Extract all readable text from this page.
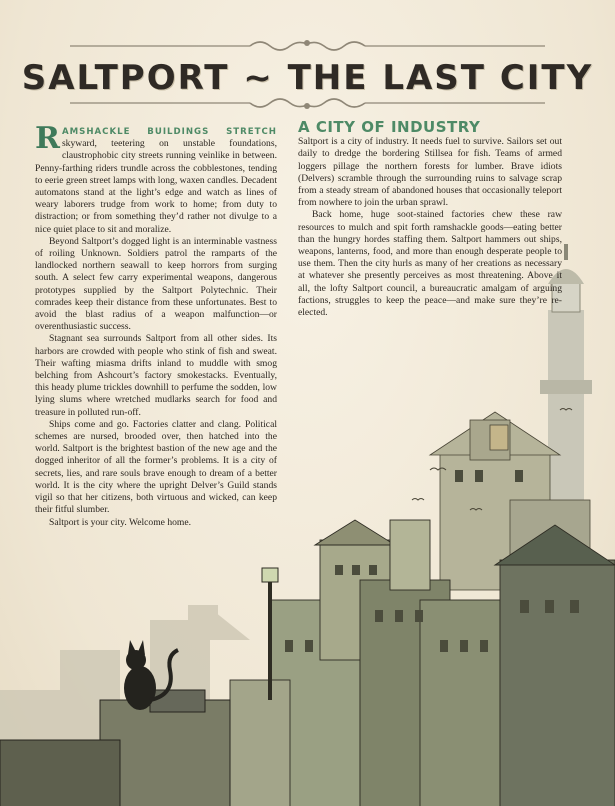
SALTPORT ~ THE LAST CITY

RAMSHACKLE BUILDINGS STRETCH skyward, teetering on unstable foundations, claustrophobic city streets running veinlike in between. Penny-farthing riders trundle across the cobblestones, tending to eerie green street lamps with long, waxen candles. Decadent automatons stand at the light’s edge and watch as lines of weary laborers trudge from work to home; from duty to distraction; or from something they’d rather not divulge to a nice quiet place to sit and moralize.

Beyond Saltport’s dogged light is an interminable vastness of roiling Unknown. Soldiers patrol the ramparts of the landlocked northern seawall to keep horrors from surging south. A select few carry experimental weapons, dangerous prototypes supplied by the Saltport Polytechnic. Their comrades keep their distance from these unfortunates. Best to avoid the blast radius of a weapon malfunction—or overenthusiastic success.

Stagnant sea surrounds Saltport from all other sides. Its harbors are crowded with people who stink of fish and sweat. Their wafting miasma drifts inland to muddle with smog belching from Ashcourt’s factory smokestacks. Eventually, this heady plume trickles downhill to perfume the sodden, low lying slums where wretched mudlarks search for food and treasure in polluted run-off.

Ships come and go. Factories clatter and clang. Political schemes are nursed, brooded over, then hatched into the world. Saltport is the brightest bastion of the new age and the dogged inheritor of all the former’s problems. It is a city of secrets, lies, and rare souls brave enough to dream of a better world. It is the city where the upright Delver’s Guild stands vigil so that her citizens, both virtuous and wicked, can keep their fitful slumber.

Saltport is your city. Welcome home.

A CITY OF INDUSTRY

Saltport is a city of industry. It needs fuel to survive. Sailors set out daily to dredge the bordering Stillsea for fish. Teams of armed loggers pillage the northern forests for lumber. Brave idiots (Delvers) scramble through the surrounding ruins to salvage scrap from a steady stream of abandoned houses that occasionally teleport from nowhere to join the urban sprawl.

Back home, huge soot-stained factories chew these raw resources to mulch and spit forth ramshackle goods—eating better than the hungry hordes staffing them. Saltport hammers out ships, weapons, lanterns, food, and more than enough desperate people to use them. Then the city hurls as many of her creations as necessary at whatever she presently perceives as most threatening. Above it all, the lofty Saltport council, a bureaucratic amalgam of arguing factions, struggles to keep the peace—and make sure they’re re-elected.
